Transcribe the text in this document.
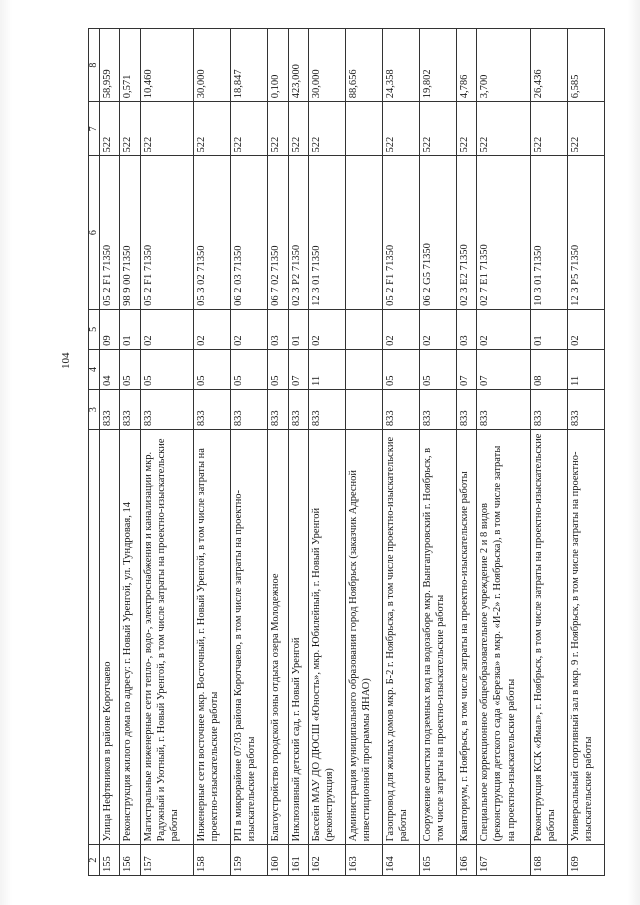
104
2		3	4	5	6	7	8
155	Улица Нефтяников в районе Коротчаево	833	04	09	05 2 F1 71350	522	58,959
156	Реконструкция жилого дома по адресу: г. Новый Уренгой, ул. Тундровая, 14	833	05	01	98 9 00 71350	522	0,571
157	Магистральные инженерные сети тепло-, водо-, электроснабжения и канализации мкр. Радужный и Уютный, г. Новый Уренгой, в том числе затраты на проектно-изыскательские работы	833	05	02	05 2 F1 71350	522	10,460
158	Инженерные сети восточнее мкр. Восточный, г. Новый Уренгой, в том числе затраты на проектно-изыскательские работы	833	05	02	05 3 02 71350	522	30,000
159	РП в микрорайоне 07:03 района Коротчаево, в том числе затраты на проектно-изыскательские работы	833	05	02	06 2 03 71350	522	18,847
160	Благоустройство городской зоны отдыха озера Молодежное	833	05	03	06 7 02 71350	522	0,100
161	Инклюзивный детский сад, г. Новый Уренгой	833	07	01	02 3 P2 71350	522	423,000
162	Бассейн МАУ ДО ДЮСШ «Юность», мкр. Юбилейный, г. Новый Уренгой (реконструкция)	833	11	02	12 3 01 71350	522	30,000
163	Администрация муниципального образования город Ноябрьск (заказчик Адресной инвестиционной программы ЯНАО)						88,656
164	Газопровод для жилых домов мкр. Б-2 г. Ноябрьска, в том числе проектно-изыскательские работы	833	05	02	05 2 F1 71350	522	24,358
165	Сооружение очистки подземных вод на водозаборе мкр. Вынгапуровский г. Ноябрьск, в том числе затраты на проектно-изыскательские работы	833	05	02	06 2 G5 71350	522	19,802
166	Кванториум, г. Ноябрьск, в том числе затраты на проектно-изыскательские работы	833	07	03	02 3 E2 71350	522	4,786
167	Специальное коррекционное общеобразовательное учреждение 2 и 8 видов (реконструкция детского сада «Березка» в мкр. «И-2» г. Ноябрьска), в том числе затраты на проектно-изыскательские работы	833	07	02	02 7 E1 71350	522	3,700
168	Реконструкция КСК «Ямал», г. Ноябрьск, в том числе затраты на проектно-изыскательские работы	833	08	01	10 3 01 71350	522	26,436
169	Универсальный спортивный зал в мкр. 9 г. Ноябрьск, в том числе затраты на проектно-изыскательские работы	833	11	02	12 3 P5 71350	522	6,585
